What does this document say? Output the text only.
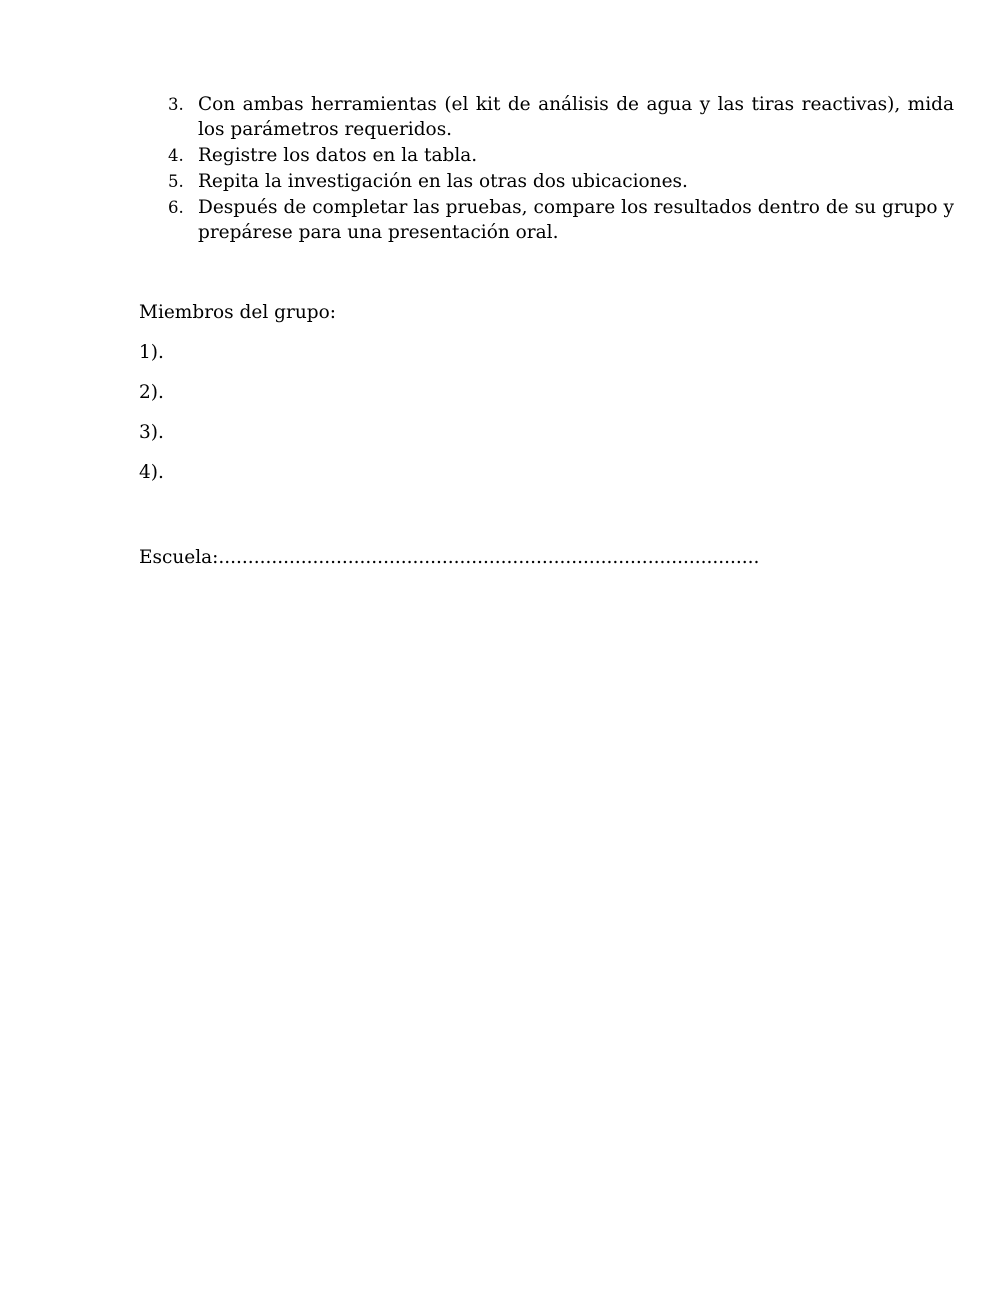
3. Con ambas herramientas (el kit de análisis de agua y las tiras reactivas), mida los parámetros requeridos.
4. Registre los datos en la tabla.
5. Repita la investigación en las otras dos ubicaciones.
6. Después de completar las pruebas, compare los resultados dentro de su grupo y prepárese para una presentación oral.
Miembros del grupo:
1).
2).
3).
4).
Escuela:............................................................................................
